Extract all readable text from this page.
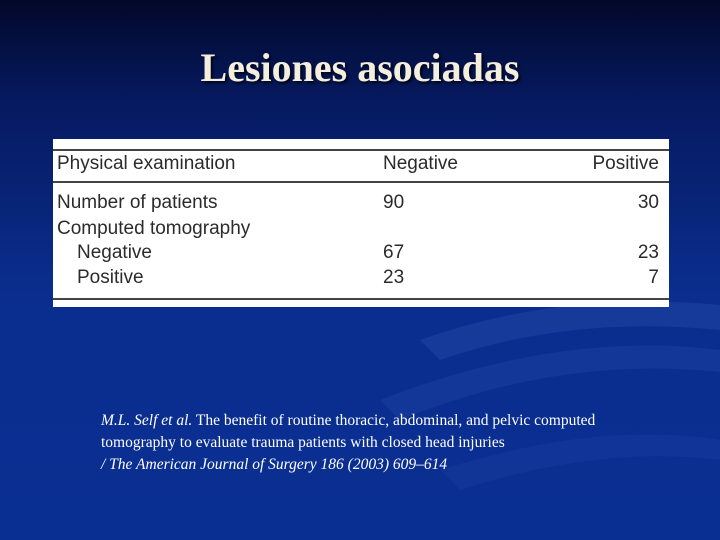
Lesiones asociadas
Physical examination	Negative	Positive
Number of patients	90	30
Computed tomography
Negative	67	23
Positive	23	7
M.L. Self et al. The benefit of routine thoracic, abdominal, and pelvic computed
tomography to evaluate trauma patients with closed head injuries
/ The American Journal of Surgery 186 (2003) 609–614
